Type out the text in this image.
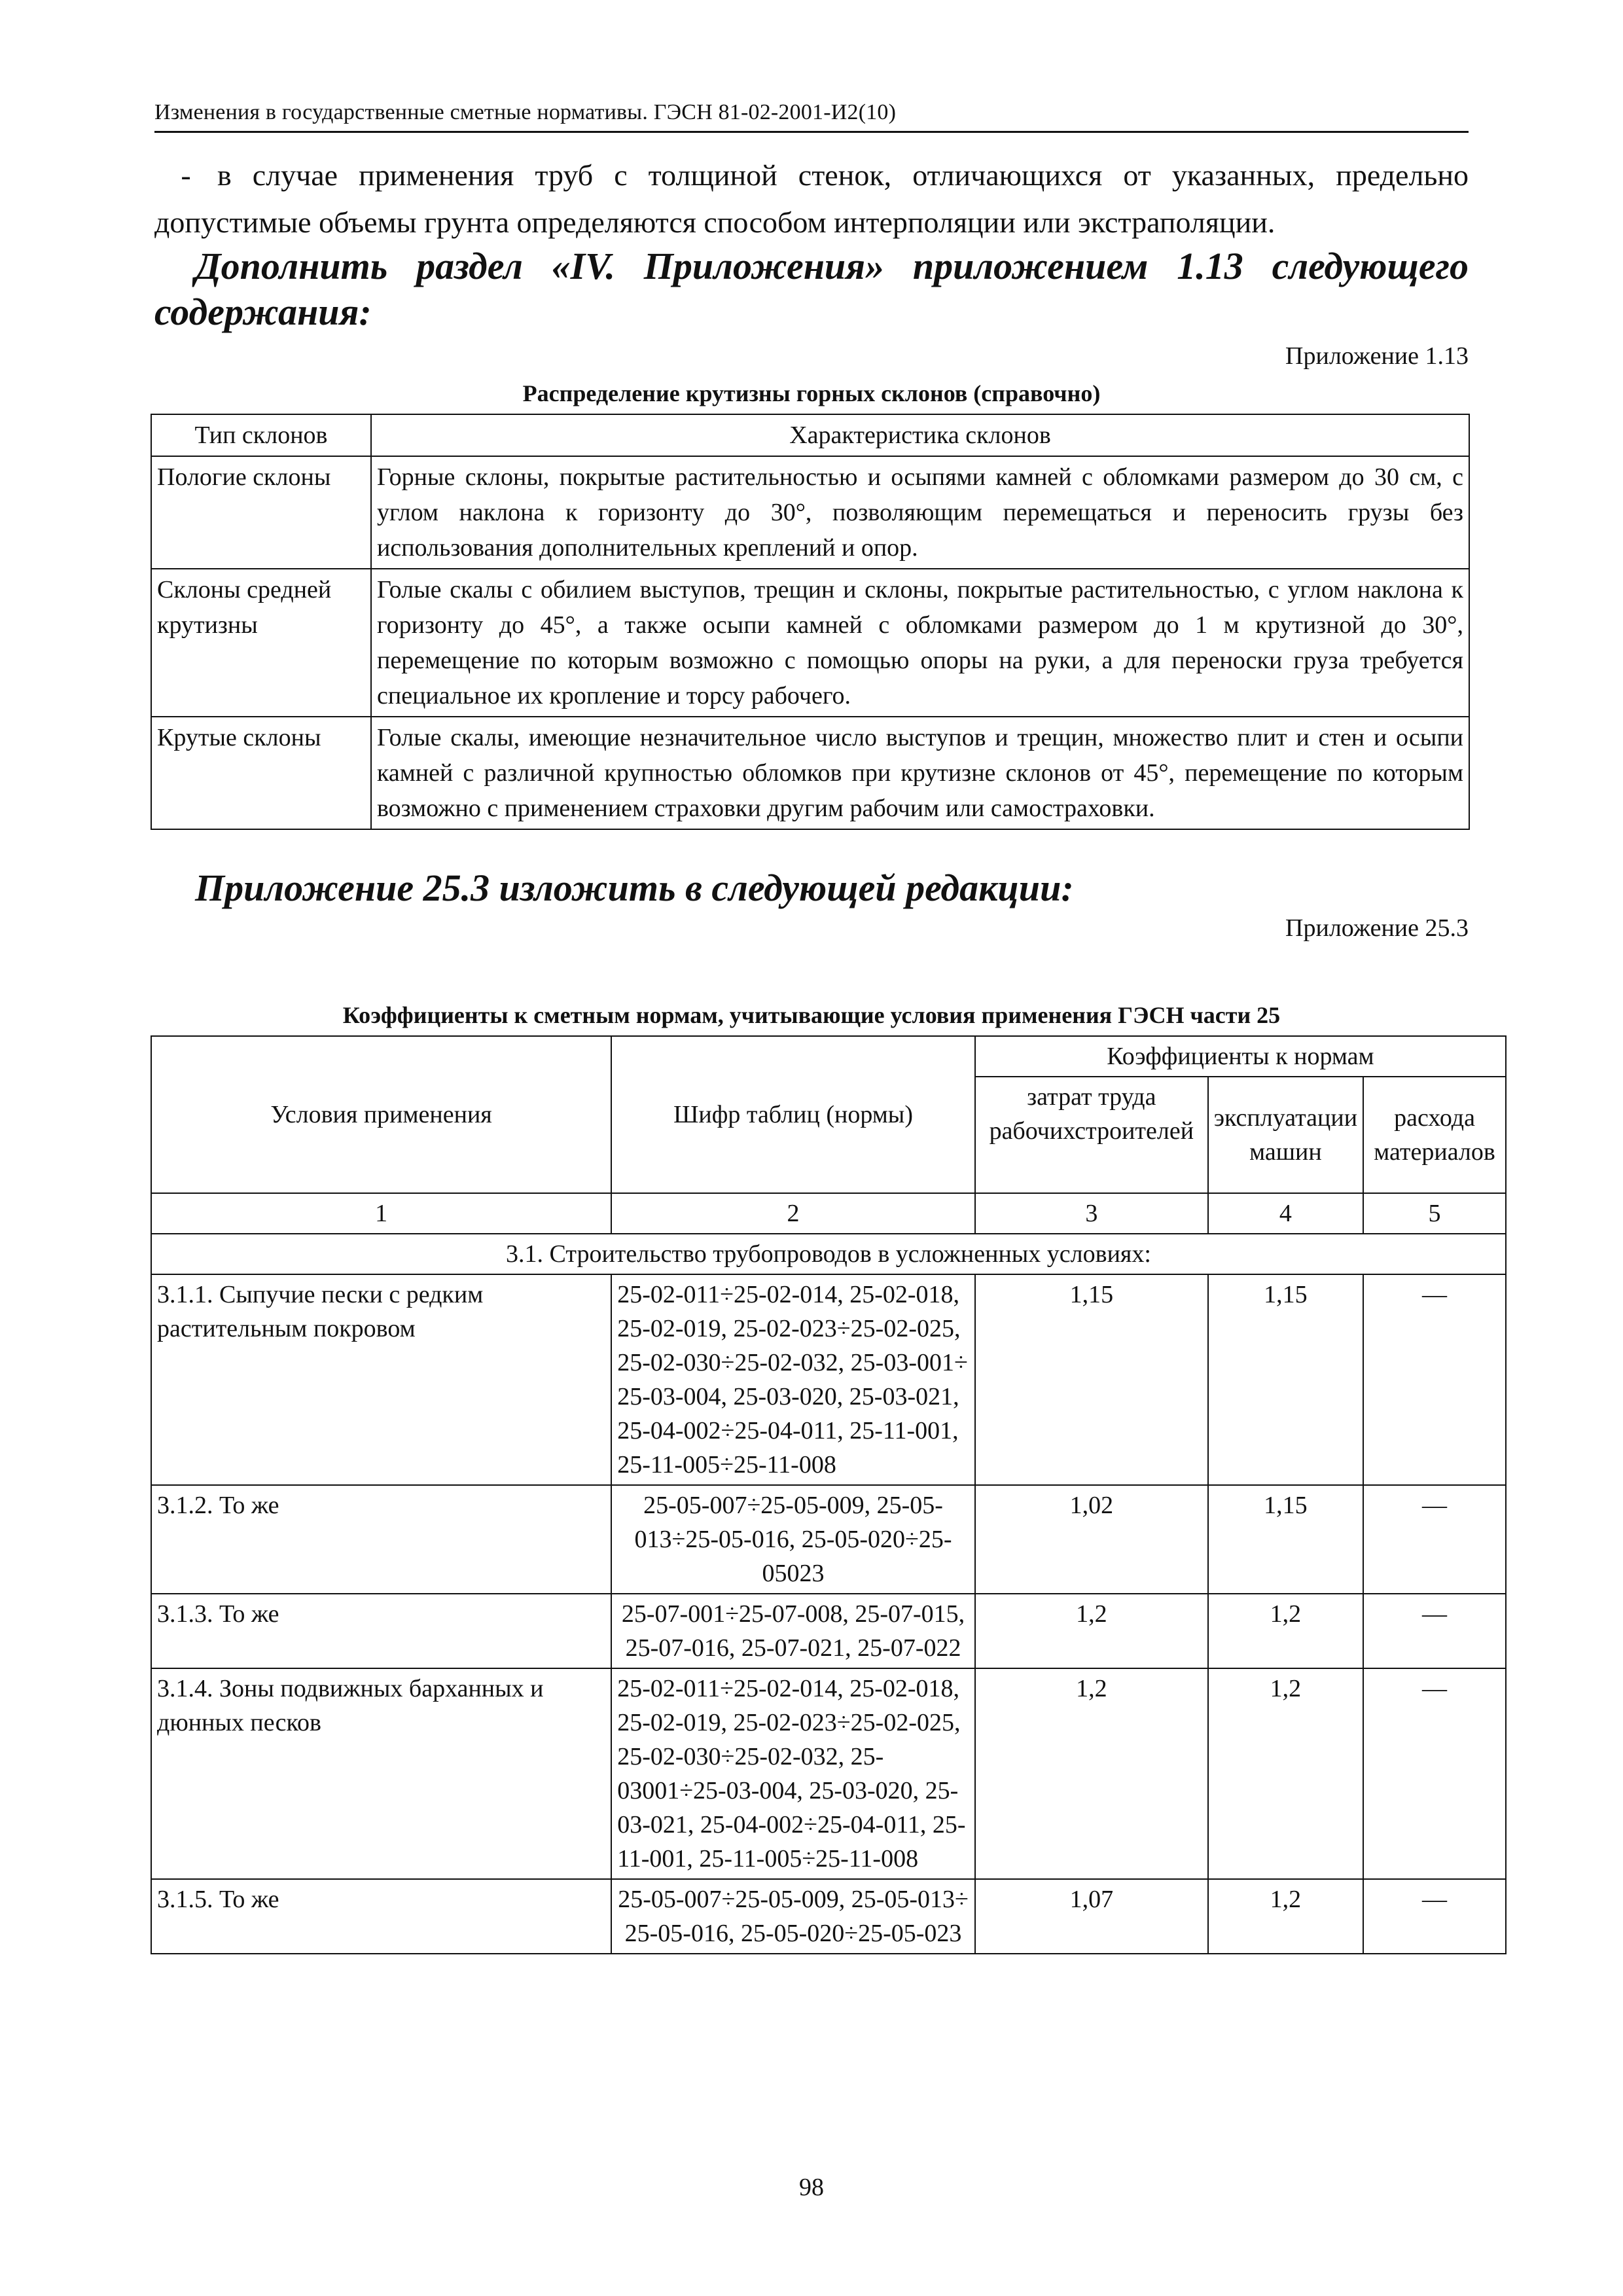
Изменения в государственные сметные нормативы. ГЭСН 81-02-2001-И2(10)
- в случае применения труб с толщиной стенок, отличающихся от указанных, предельно допустимые объемы грунта определяются способом интерполяции или экстраполяции.
Дополнить раздел «IV. Приложения» приложением 1.13 следующего содержания:
Приложение 1.13
Распределение крутизны горных склонов (справочно)
Тип склонов	Характеристика склонов
Пологие склоны	Горные склоны, покрытые растительностью и осыпями камней с обломками размером до 30 см, с углом наклона к горизонту до 30°, позволяющим перемещаться и переносить грузы без использования дополнительных креплений и опор.
Склоны средней крутизны	Голые скалы с обилием выступов, трещин и склоны, покрытые растительностью, с углом наклона к горизонту до 45°, а также осыпи камней с обломками размером до 1 м крутизной до 30°, перемещение по которым возможно с помощью опоры на руки, а для переноски груза требуется специальное их кропление и торсу рабочего.
Крутые склоны	Голые скалы, имеющие незначительное число выступов и трещин, множество плит и стен и осыпи камней с различной крупностью обломков при крутизне склонов от 45°, перемещение по которым возможно с применением страховки другим рабочим или самостраховки.
Приложение 25.3 изложить в следующей редакции:
Приложение 25.3
Коэффициенты к сметным нормам, учитывающие условия применения ГЭСН части 25
Условия применения	Шифр таблиц (нормы)	Коэффициенты к нормам		
		затрат труда рабочихстроителей	эксплуатации машин	расхода материалов
1	2	3	4	5
3.1. Строительство трубопроводов в усложненных условиях:				
3.1.1. Сыпучие пески с редким растительным покровом	25-02-011÷25-02-014, 25-02-018, 25-02-019, 25-02-023÷25-02-025, 25-02-030÷25-02-032, 25-03-001÷ 25-03-004, 25-03-020, 25-03-021, 25-04-002÷25-04-011, 25-11-001, 25-11-005÷25-11-008	1,15	1,15	—
3.1.2. То же	25-05-007÷25-05-009, 25-05-013÷25-05-016, 25-05-020÷25-05023	1,02	1,15	—
3.1.3. То же	25-07-001÷25-07-008, 25-07-015, 25-07-016, 25-07-021, 25-07-022	1,2	1,2	—
3.1.4. Зоны подвижных барханных и дюнных песков	25-02-011÷25-02-014, 25-02-018, 25-02-019, 25-02-023÷25-02-025, 25-02-030÷25-02-032, 25-03001÷25-03-004, 25-03-020, 25-03-021, 25-04-002÷25-04-011, 25-11-001, 25-11-005÷25-11-008	1,2	1,2	—
3.1.5. То же	25-05-007÷25-05-009, 25-05-013÷ 25-05-016, 25-05-020÷25-05-023	1,07	1,2	—
98
